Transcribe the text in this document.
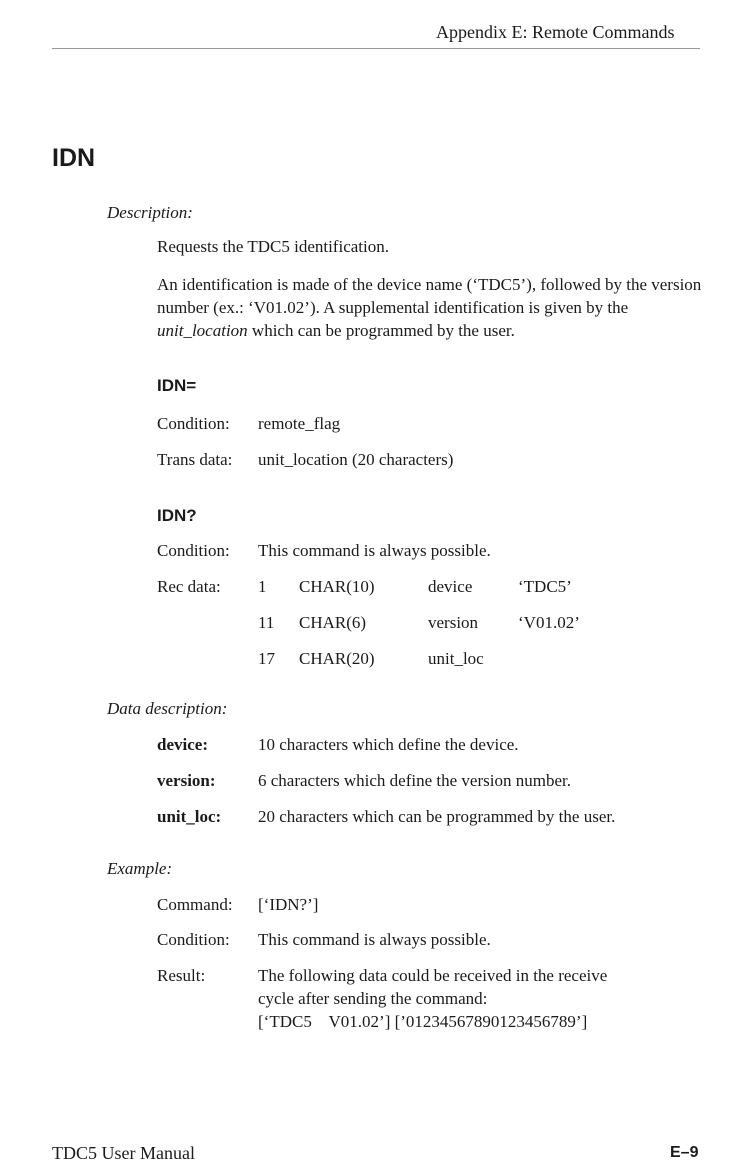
Appendix E: Remote Commands
IDN
Description:
Requests the TDC5 identification.
An identification is made of the device name (‘TDC5’), followed by the version number (ex.: ‘V01.02’). A supplemental identification is given by the unit_location which can be programmed by the user.
IDN=
Condition: remote_flag
Trans data: unit_location (20 characters)
IDN?
Condition: This command is always possible.
Rec data: 1 CHAR(10)	device	‘TDC5’
11 CHAR(6)	version ‘V01.02’
17 CHAR(20)	unit_loc
Data description:
device:	10 characters which define the device.
version: 6 characters which define the version number.
unit_loc: 20 characters which can be programmed by the user.
Example:
Command: [‘IDN?’]
Condition: This command is always possible.
Result:	The following data could be received in the receive
cycle after sending the command:
[‘TDC5    V01.02’] [’01234567890123456789’]
TDC5 User Manual	E–9
